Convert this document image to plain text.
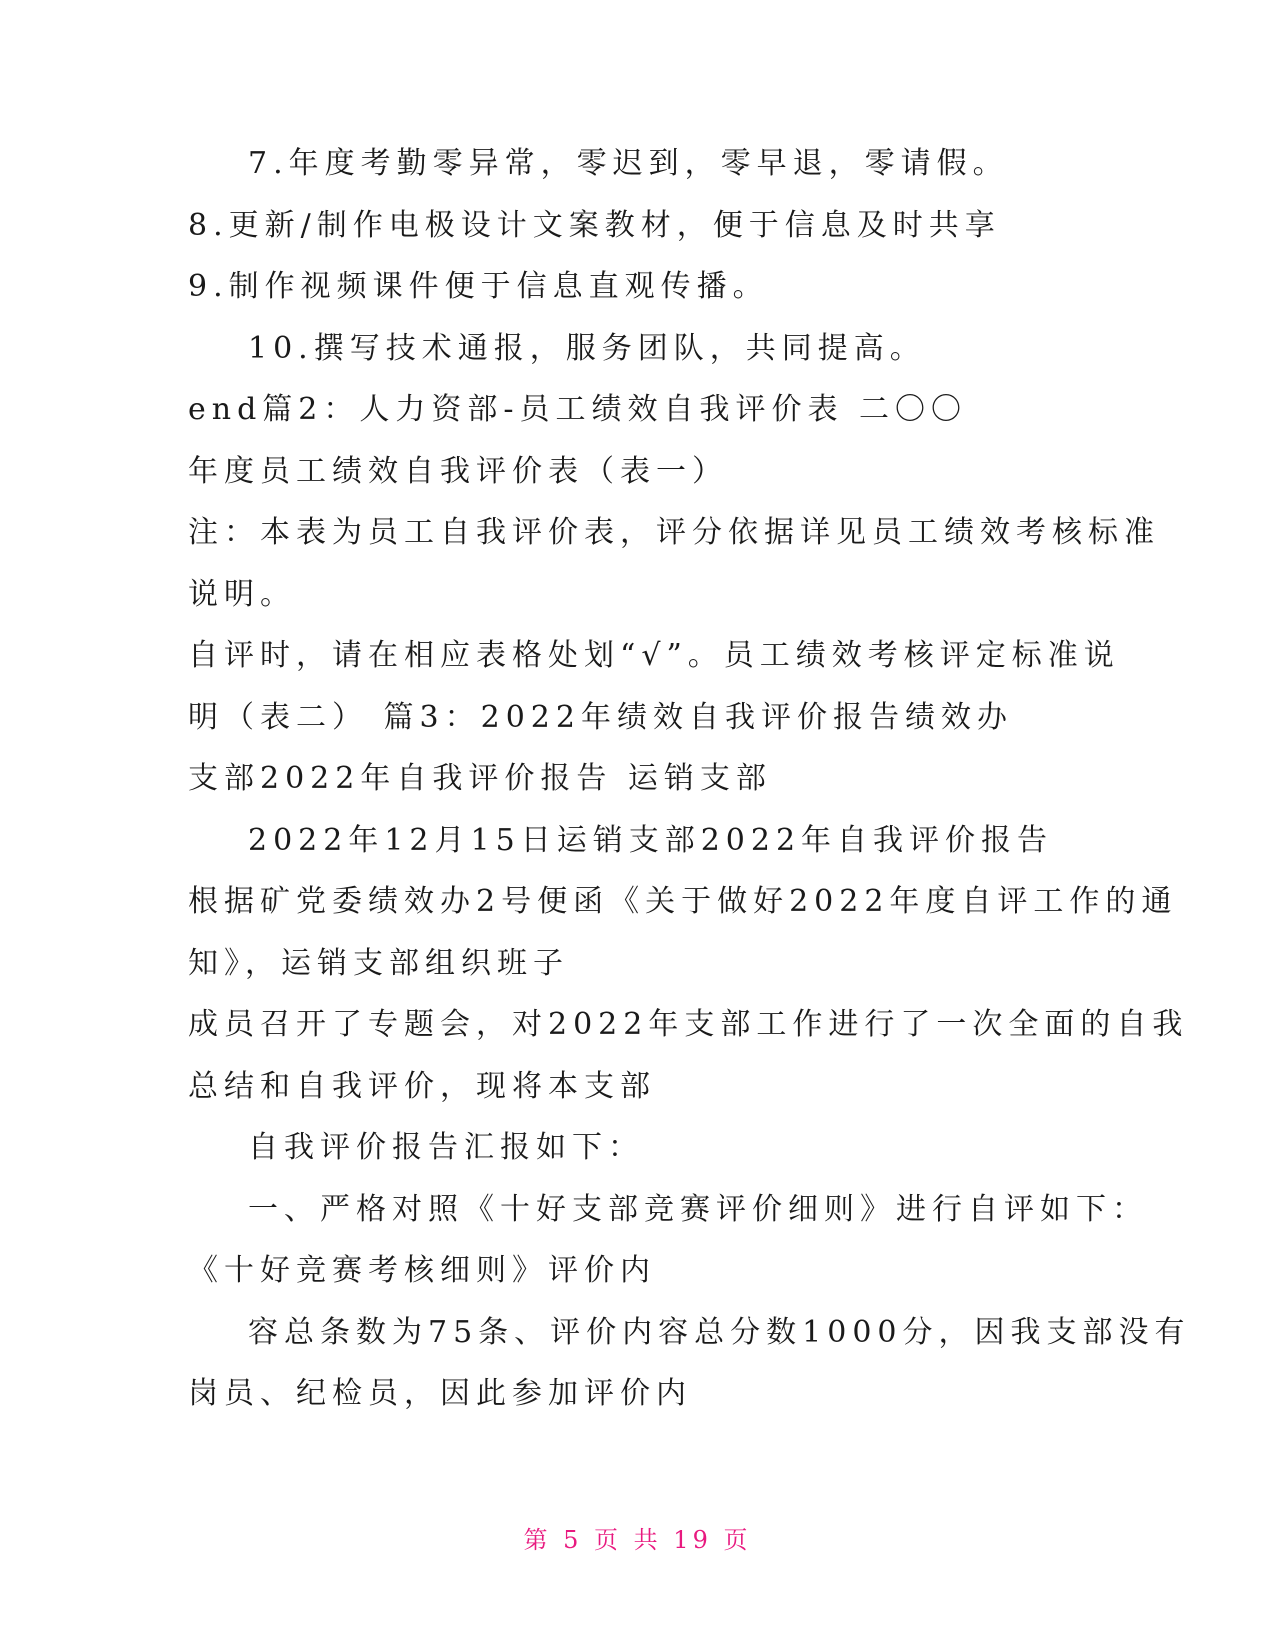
7.年度考勤零异常，零迟到，零早退，零请假。
8.更新/制作电极设计文案教材，便于信息及时共享
9.制作视频课件便于信息直观传播。
10.撰写技术通报，服务团队，共同提高。
end篇2：人力资部-员工绩效自我评价表 二〇〇
年度员工绩效自我评价表（表一）
注：本表为员工自我评价表，评分依据详见员工绩效考核标准
说明。
自评时，请在相应表格处划“√”。员工绩效考核评定标准说
明（表二） 篇3：2022年绩效自我评价报告绩效办
支部2022年自我评价报告 运销支部
2022年12月15日运销支部2022年自我评价报告
根据矿党委绩效办2号便函《关于做好2022年度自评工作的通
知》，运销支部组织班子
成员召开了专题会，对2022年支部工作进行了一次全面的自我
总结和自我评价，现将本支部
自我评价报告汇报如下：
一、严格对照《十好支部竞赛评价细则》进行自评如下：
《十好竞赛考核细则》评价内
容总条数为75条、评价内容总分数1000分，因我支部没有
岗员、纪检员，因此参加评价内
第 5 页 共 19 页
